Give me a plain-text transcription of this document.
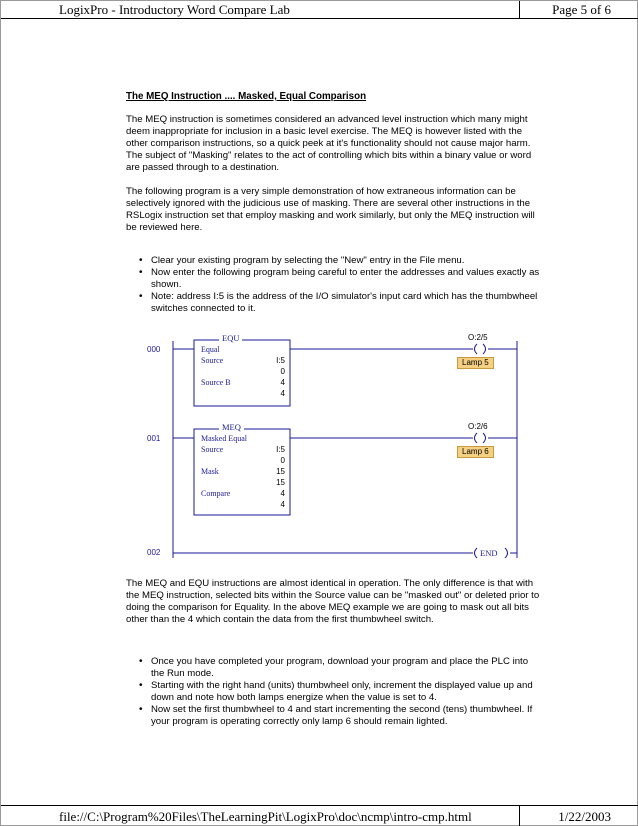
LogixPro - Introductory Word Compare Lab	Page 5 of 6

The MEQ Instruction .... Masked, Equal Comparison

The MEQ instruction is sometimes considered an advanced level instruction which many might deem inappropriate for inclusion in a basic level exercise. The MEQ is however listed with the other comparison instructions, so a quick peek at it's functionality should not cause major harm. The subject of "Masking" relates to the act of controlling which bits within a binary value or word are passed through to a destination.

The following program is a very simple demonstration of how extraneous information can be selectively ignored with the judicious use of masking. There are several other instructions in the RSLogix instruction set that employ masking and work similarly, but only the MEQ instruction will be reviewed here.

• Clear your existing program by selecting the "New" entry in the File menu.
• Now enter the following program being careful to enter the addresses and values exactly as shown.
• Note: address I:5 is the address of the I/O simulator's input card which has the thumbwheel switches connected to it.
000
EQU
Equal
Source	I:5
0
Source B	4
4
O:2/5
Lamp 5
001
MEQ
Masked Equal
Source	I:5
0
Mask	15
15
Compare	4
4
O:2/6
Lamp 6
002	END
The MEQ and EQU instructions are almost identical in operation. The only difference is that with the MEQ instruction, selected bits within the Source value can be "masked out" or deleted prior to doing the comparison for Equality. In the above MEQ example we are going to mask out all bits other than the 4 which contain the data from the first thumbwheel switch.
• Once you have completed your program, download your program and place the PLC into the Run mode.
• Starting with the right hand (units) thumbwheel only, increment the displayed value up and down and note how both lamps energize when the value is set to 4.
• Now set the first thumbwheel to 4 and start incrementing the second (tens) thumbwheel. If your program is operating correctly only lamp 6 should remain lighted.
file://C:\Program%20Files\TheLearningPit\LogixPro\doc\ncmp\intro-cmp.html	1/22/2003
